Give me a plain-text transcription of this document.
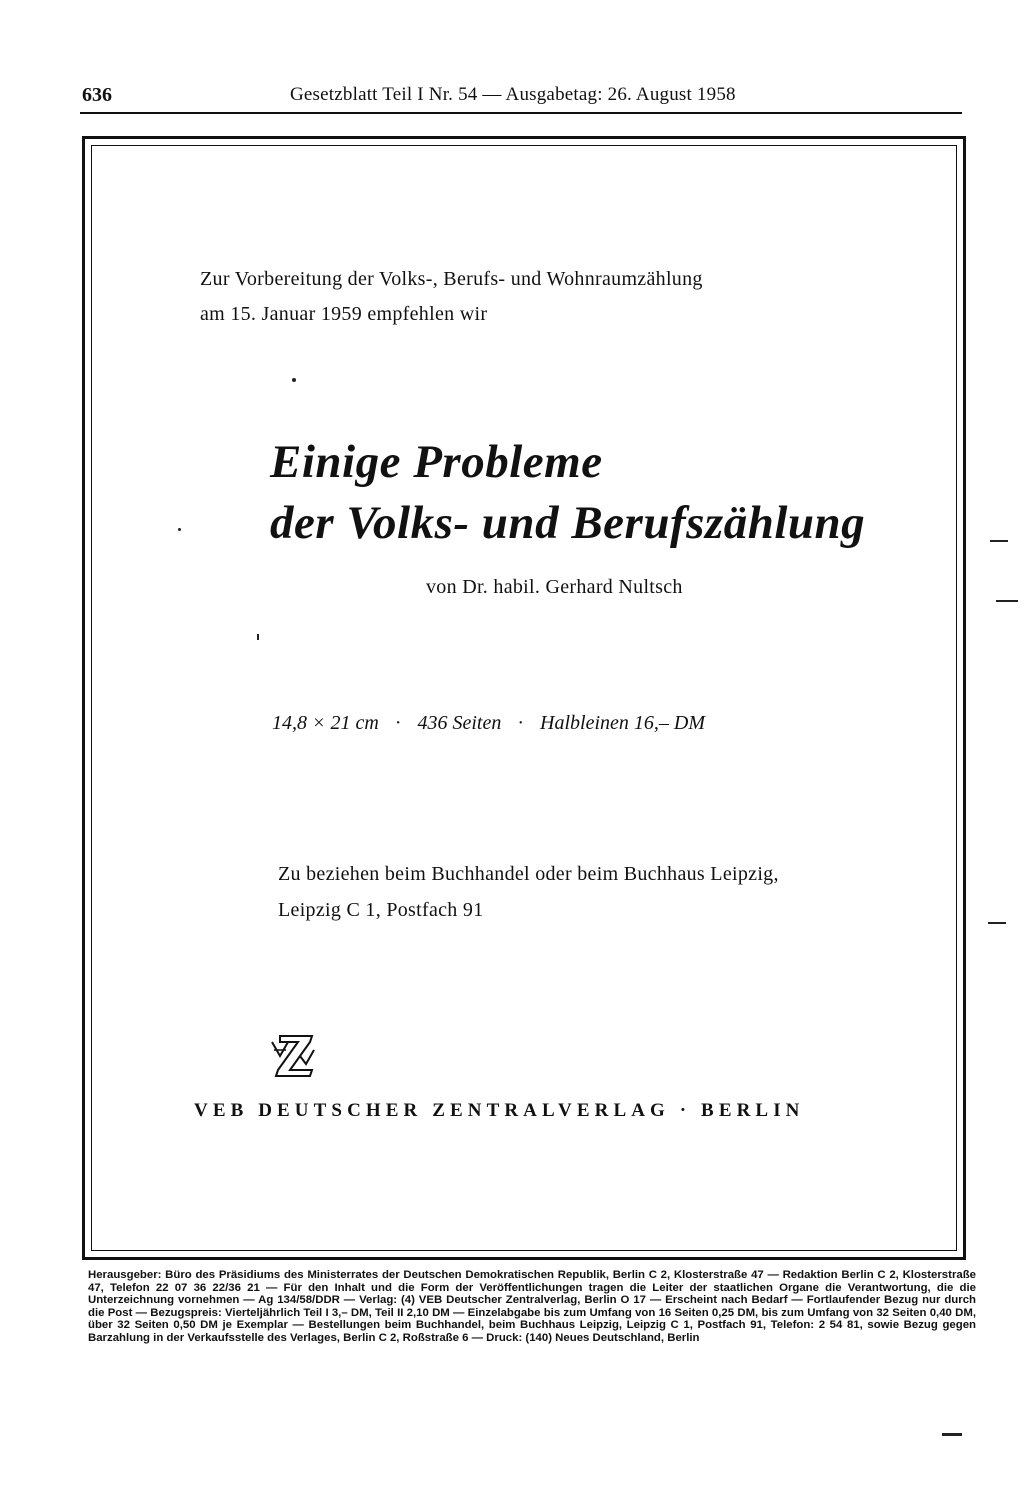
636	Gesetzblatt Teil I Nr. 54 — Ausgabetag: 26. August 1958
Zur Vorbereitung der Volks-, Berufs- und Wohnraumzählung
am 15. Januar 1959 empfehlen wir
Einige Probleme
der Volks- und Berufszählung
von Dr. habil. Gerhard Nultsch
14,8 × 21 cm · 436 Seiten · Halbleinen 16,– DM
Zu beziehen beim Buchhandel oder beim Buchhaus Leipzig,
Leipzig C 1, Postfach 91
VEB DEUTSCHER ZENTRALVERLAG · BERLIN
Herausgeber: Büro des Präsidiums des Ministerrates der Deutschen Demokratischen Republik, Berlin C 2, Klosterstraße 47 — Redaktion Berlin C 2, Klosterstraße 47, Telefon 22 07 36 22/36 21 — Für den Inhalt und die Form der Veröffentlichungen tragen die Leiter der staatlichen Organe die Verantwortung, die die Unterzeichnung vornehmen — Ag 134/58/DDR — Verlag: (4) VEB Deutscher Zentralverlag, Berlin O 17 — Erscheint nach Bedarf — Fortlaufender Bezug nur durch die Post — Bezugspreis: Vierteljährlich Teil I 3,– DM, Teil II 2,10 DM — Einzelabgabe bis zum Umfang von 16 Seiten 0,25 DM, bis zum Umfang von 32 Seiten 0,40 DM, über 32 Seiten 0,50 DM je Exemplar — Bestellungen beim Buchhandel, beim Buchhaus Leipzig, Leipzig C 1, Postfach 91, Telefon: 2 54 81, sowie Bezug gegen Barzahlung in der Verkaufsstelle des Verlages, Berlin C 2, Roßstraße 6 — Druck: (140) Neues Deutschland, Berlin
